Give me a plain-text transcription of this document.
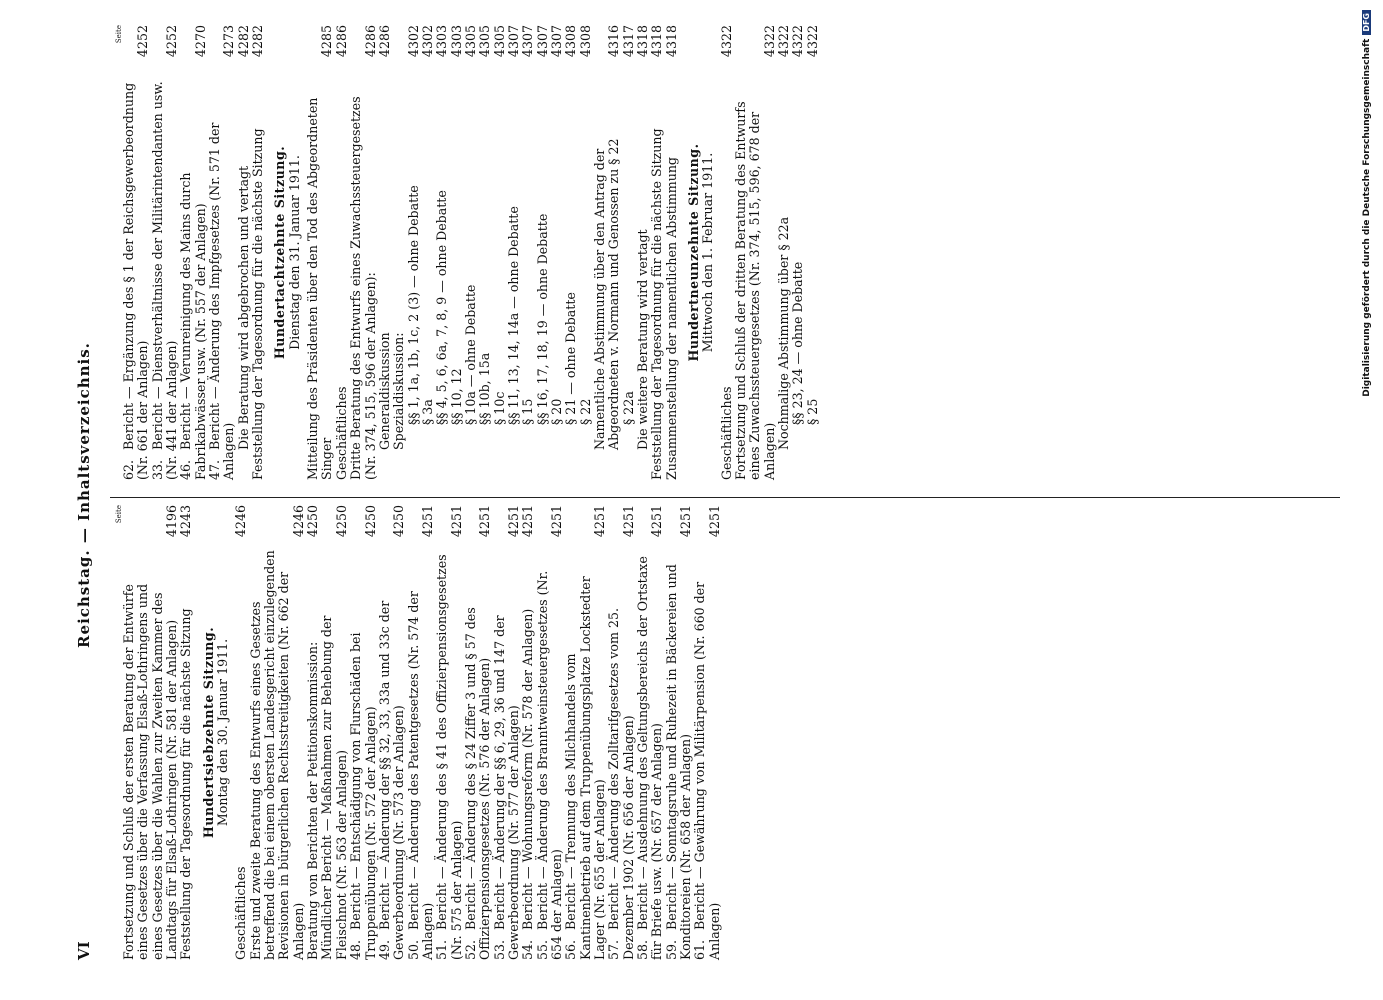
VI
Reichstag. — Inhaltsverzeichnis.	Seite
Fortsetzung und Schluß der ersten Beratung der Entwürfe eines Gesetzes über die Verfassung Elsaß-Lothringens und eines Gesetzes über die Wahlen zur Zweiten Kammer des Landtags für Elsaß-Lothringen (Nr. 581 der Anlagen)
4196
Feststellung der Tagesordnung für die nächste Sitzung
4243
Hundertsiebzehnte Sitzung. Montag den 30. Januar 1911.
Geschäftliches
4246
Erste und zweite Beratung des Entwurfs eines Gesetzes betreffend die bei einem obersten Landesgericht einzulegenden Revisionen in bürgerlichen Rechtsstreitigkeiten (Nr. 662 der Anlagen)
4246
Beratung von Berichten der Petitionskommission:
4250
Mündlicher Bericht — Maßnahmen zur Behebung der Fleischnot (Nr. 563 der Anlagen)
4250
48.Bericht — Entschädigung von Flurschäden bei Truppenübungen (Nr. 572 der Anlagen)
4250
49.Bericht — Änderung der §§ 32, 33, 33a und 33c der Gewerbeordnung (Nr. 573 der Anlagen)
4250
50.Bericht — Änderung des Patentgesetzes (Nr. 574 der Anlagen)
4251
51.Bericht — Änderung des § 41 des Offizierpensionsgesetzes (Nr. 575 der Anlagen)
4251
52.Bericht — Änderung des § 24 Ziffer 3 und § 57 des Offizierpensionsgesetzes (Nr. 576 der Anlagen)
4251
53.Bericht — Änderung der §§ 6, 29, 36 und 147 der Gewerbeordnung (Nr. 577 der Anlagen)
4251
54.Bericht — Wohnungsreform (Nr. 578 der Anlagen)
4251
55.Bericht — Änderung des Branntweinsteuergesetzes (Nr. 654 der Anlagen)
4251
56.Bericht — Trennung des Milchhandels vom Kantinenbetrieb auf dem Truppenübungsplatze Lockstedter Lager (Nr. 655 der Anlagen)
4251
57.Bericht — Änderung des Zolltarifgesetzes vom 25. Dezember 1902 (Nr. 656 der Anlagen)
4251
58.Bericht — Ausdehnung des Geltungsbereichs der Ortstaxe für Briefe usw. (Nr. 657 der Anlagen)
4251
59.Bericht — Sonntagsruhe und Ruhezeit in Bäckereien und Konditoreien (Nr. 658 der Anlagen)
4251
61.Bericht — Gewährung von Militärpension (Nr. 660 der Anlagen)
4251
Seite
62.Bericht — Ergänzung des § 1 der Reichsgewerbeordnung (Nr. 661 der Anlagen)
4252
33.Bericht — Dienstverhältnisse der Militärintendanten usw. (Nr. 441 der Anlagen)
4252
46.Bericht — Verunreinigung des Mains durch Fabrikabwässer usw. (Nr. 557 der Anlagen)
4270
47.Bericht — Änderung des Impfgesetzes (Nr. 571 der Anlagen)
4273
Die Beratung wird abgebrochen und vertagt
4282
Feststellung der Tagesordnung für die nächste Sitzung
4282
Hundertachtzehnte Sitzung. Dienstag den 31. Januar 1911. Mitteilung des Präsidenten über den Tod des Abgeordneten Singer
4285
Geschäftliches
4286
Dritte Beratung des Entwurfs eines Zuwachssteuergesetzes (Nr. 374, 515, 596 der Anlagen):
4286
Generaldiskussion
4286
Spezialdiskussion: §§ 1, 1a, 1b, 1c, 2 (3) — ohne Debatte
4302
§ 3a
4302
§§ 4, 5, 6, 6a, 7, 8, 9 — ohne Debatte
4303
§§ 10, 12
4303
§ 10a — ohne Debatte
4305
§§ 10b, 15a
4305
§ 10c
4305
§§ 11, 13, 14, 14a — ohne Debatte
4307
§ 15
4307
§§ 16, 17, 18, 19 — ohne Debatte
4307
§ 20
4307
§ 21 — ohne Debatte
4308
§ 22
4308
Namentliche Abstimmung über den Antrag der Abgeordneten v. Normann und Genossen zu § 22
4316
§ 22a
4317
Die weitere Beratung wird vertagt
4318
Feststellung der Tagesordnung für die nächste Sitzung
4318
Zusammenstellung der namentlichen Abstimmung
4318
Hundertneunzehnte Sitzung. Mittwoch den 1. Februar 1911.
Geschäftliches
4322
Fortsetzung und Schluß der dritten Beratung des Entwurfs eines Zuwachssteuergesetzes (Nr. 374, 515, 596, 678 der Anlagen)
4322
Nochmalige Abstimmung über § 22a
4322
§§ 23, 24 — ohne Debatte
4322
§ 25
4322	Digitalisierung gefördert durch die Deutsche ForschungsgemeinschaftDFG
